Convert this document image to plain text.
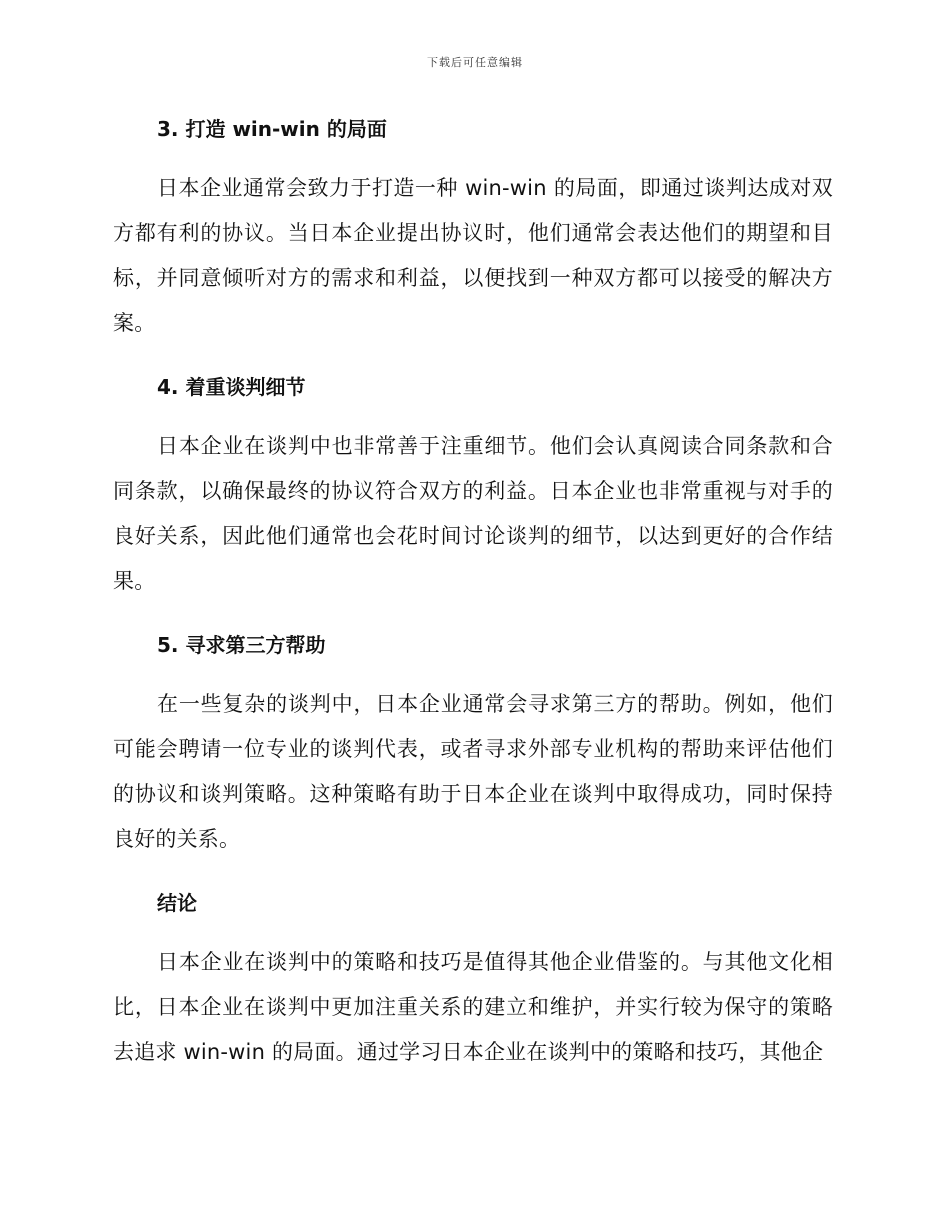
下载后可任意编辑
3. 打造 win-win 的局面

日本企业通常会致力于打造一种 win-win 的局面，即通过谈判达成对双方都有利的协议。当日本企业提出协议时，他们通常会表达他们的期望和目标，并同意倾听对方的需求和利益，以便找到一种双方都可以接受的解决方案。

4. 着重谈判细节

日本企业在谈判中也非常善于注重细节。他们会认真阅读合同条款和合同条款，以确保最终的协议符合双方的利益。日本企业也非常重视与对手的良好关系，因此他们通常也会花时间讨论谈判的细节，以达到更好的合作结果。

5. 寻求第三方帮助

在一些复杂的谈判中，日本企业通常会寻求第三方的帮助。例如，他们可能会聘请一位专业的谈判代表，或者寻求外部专业机构的帮助来评估他们的协议和谈判策略。这种策略有助于日本企业在谈判中取得成功，同时保持良好的关系。

结论

日本企业在谈判中的策略和技巧是值得其他企业借鉴的。与其他文化相比，日本企业在谈判中更加注重关系的建立和维护，并实行较为保守的策略去追求 win-win 的局面。通过学习日本企业在谈判中的策略和技巧，其他企
